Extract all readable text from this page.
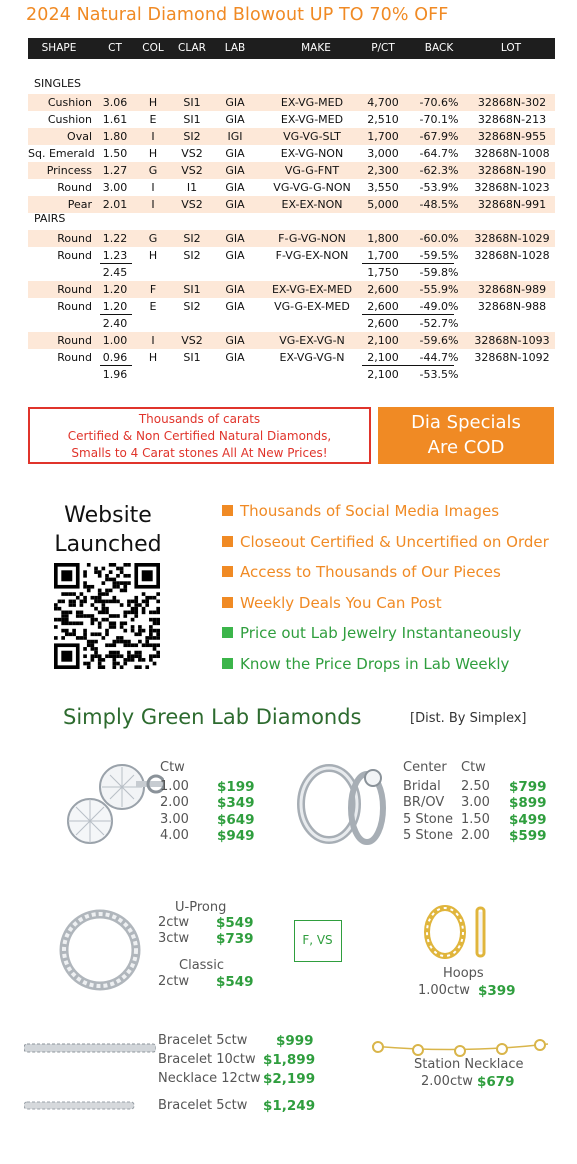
2024 Natural Diamond Blowout UP TO 70% OFF
SHAPE	CT	COL	CLAR	LAB	MAKE	P/CT	BACK	LOT
SINGLES
Cushion 3.06	H	SI1	GIA	EX-VG-MED	4,700	-70.6%	32868N-302
Cushion 1.61	E	SI1	GIA	EX-VG-MED	2,510	-70.1%	32868N-213
Oval 1.80	I	SI2	IGI	VG-VG-SLT	1,700	-67.9%	32868N-955
Sq. Emerald 1.50	H	VS2	GIA	EX-VG-NON	3,000	-64.7%	32868N-1008
Princess 1.27	G	VS2	GIA	VG-G-FNT	2,300	-62.3%	32868N-190
Round 3.00	I	I1	GIA	VG-VG-G-NON	3,550	-53.9%	32868N-1023
Pear 2.01	I	VS2	GIA	EX-EX-NON	5,000	-48.5%	32868N-991
PAIRS
Round 1.22	G	SI2	GIA	F-G-VG-NON	1,800	-60.0%	32868N-1029
Round 1.23	H	SI2	GIA	F-VG-EX-NON	1,700	-59.5%	32868N-1028
2.45	1,750	-59.8%
Round 1.20	F	SI1	GIA	EX-VG-EX-MED	2,600	-55.9%	32868N-989
Round 1.20	E	SI2	GIA	VG-G-EX-MED	2,600	-49.0%	32868N-988
2.40	2,600	-52.7%
Round 1.00	I	VS2	GIA	VG-EX-VG-N	2,100	-59.6%	32868N-1093
Round 0.96	H	SI1	GIA	EX-VG-VG-N	2,100	-44.7%	32868N-1092
1.96	2,100	-53.5%
Thousands of carats
Certified & Non Certified Natural Diamonds,
Smalls to 4 Carat stones All At New Prices!
Dia Specials
Are COD
Website
Launched
Thousands of Social Media Images
Closeout Certified & Uncertified on Order
Access to Thousands of Our Pieces
Weekly Deals You Can Post
Price out Lab Jewelry Instantaneously
Know the Price Drops in Lab Weekly
Simply Green Lab Diamonds	[Dist. By Simplex]
Ctw
1.00 $199
2.00 $349
3.00 $649
4.00 $949
Center Ctw
Bridal 2.50 $799
BR/OV 3.00 $899
5 Stone 1.50 $499
5 Stone 2.00 $599
U-Prong
2ctw $549
3ctw $739
Classic
2ctw $549
F, VS
Hoops
1.00ctw $399
Bracelet 5ctw $999
Bracelet 10ctw $1,899
Necklace 12ctw $2,199
Bracelet 5ctw $1,249
Station Necklace
2.00ctw $679
